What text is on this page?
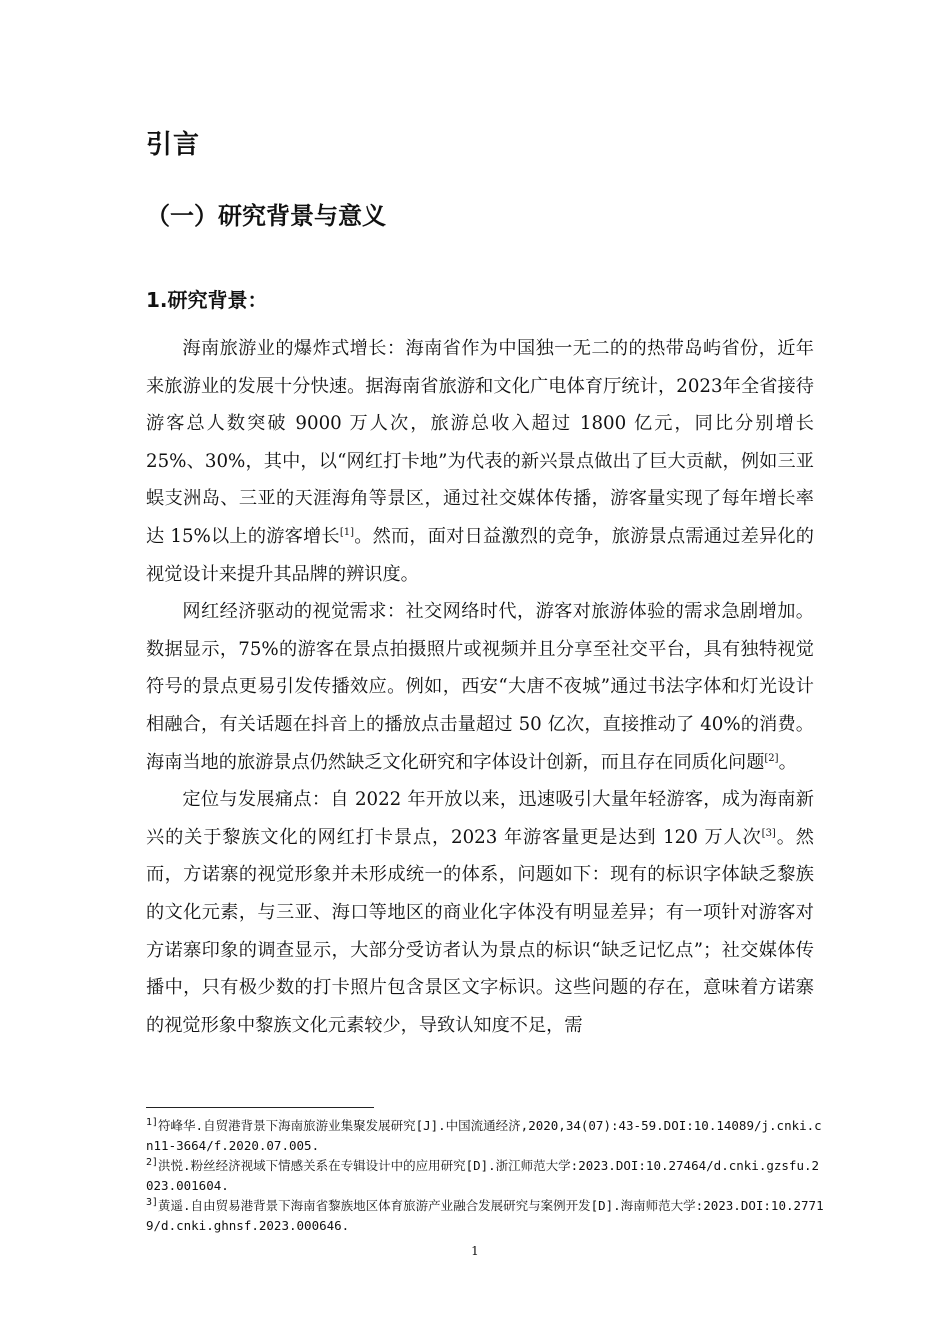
引言
（一）研究背景与意义
1.研究背景：

海南旅游业的爆炸式增长：海南省作为中国独一无二的的热带岛屿省份，近年来旅游业的发展十分快速。据海南省旅游和文化广电体育厅统计，2023年全省接待游客总人数突破 9000 万人次，旅游总收入超过 1800 亿元，同比分别增长 25%、30%，其中，以“网红打卡地”为代表的新兴景点做出了巨大贡献，例如三亚蜈支洲岛、三亚的天涯海角等景区，通过社交媒体传播，游客量实现了每年增长率达 15%以上的游客增长[1]。然而，面对日益激烈的竞争，旅游景点需通过差异化的视觉设计来提升其品牌的辨识度。

网红经济驱动的视觉需求：社交网络时代，游客对旅游体验的需求急剧增加。数据显示，75%的游客在景点拍摄照片或视频并且分享至社交平台，具有独特视觉符号的景点更易引发传播效应。例如，西安“大唐不夜城”通过书法字体和灯光设计相融合，有关话题在抖音上的播放点击量超过 50 亿次，直接推动了 40%的消费。海南当地的旅游景点仍然缺乏文化研究和字体设计创新，而且存在同质化问题[2]。

定位与发展痛点：自 2022 年开放以来，迅速吸引大量年轻游客，成为海南新兴的关于黎族文化的网红打卡景点，2023 年游客量更是达到 120 万人次[3]。然而，方诺寨的视觉形象并未形成统一的体系，问题如下：现有的标识字体缺乏黎族的文化元素，与三亚、海口等地区的商业化字体没有明显差异；有一项针对游客对方诺寨印象的调查显示，大部分受访者认为景点的标识“缺乏记忆点”；社交媒体传播中，只有极少数的打卡照片包含景区文字标识。这些问题的存在，意味着方诺寨的视觉形象中黎族文化元素较少，导致认知度不足，需

$^{1]}$符峰华.自贸港背景下海南旅游业集聚发展研究[J].中国流通经济,2020,34(07):43-59.DOI:10.14089/j.cnki.cn11-3664/f.2020.07.005.

$^{2]}$洪悦.粉丝经济视域下情感关系在专辑设计中的应用研究[D].浙江师范大学:2023.DOI:10.27464/d.cnki.gzsfu.2023.001604.

$^{3]}$黄遥.自由贸易港背景下海南省黎族地区体育旅游产业融合发展研究与案例开发[D].海南师范大学:2023.DOI:10.27719/d.cnki.ghnsf.2023.000646.

1
